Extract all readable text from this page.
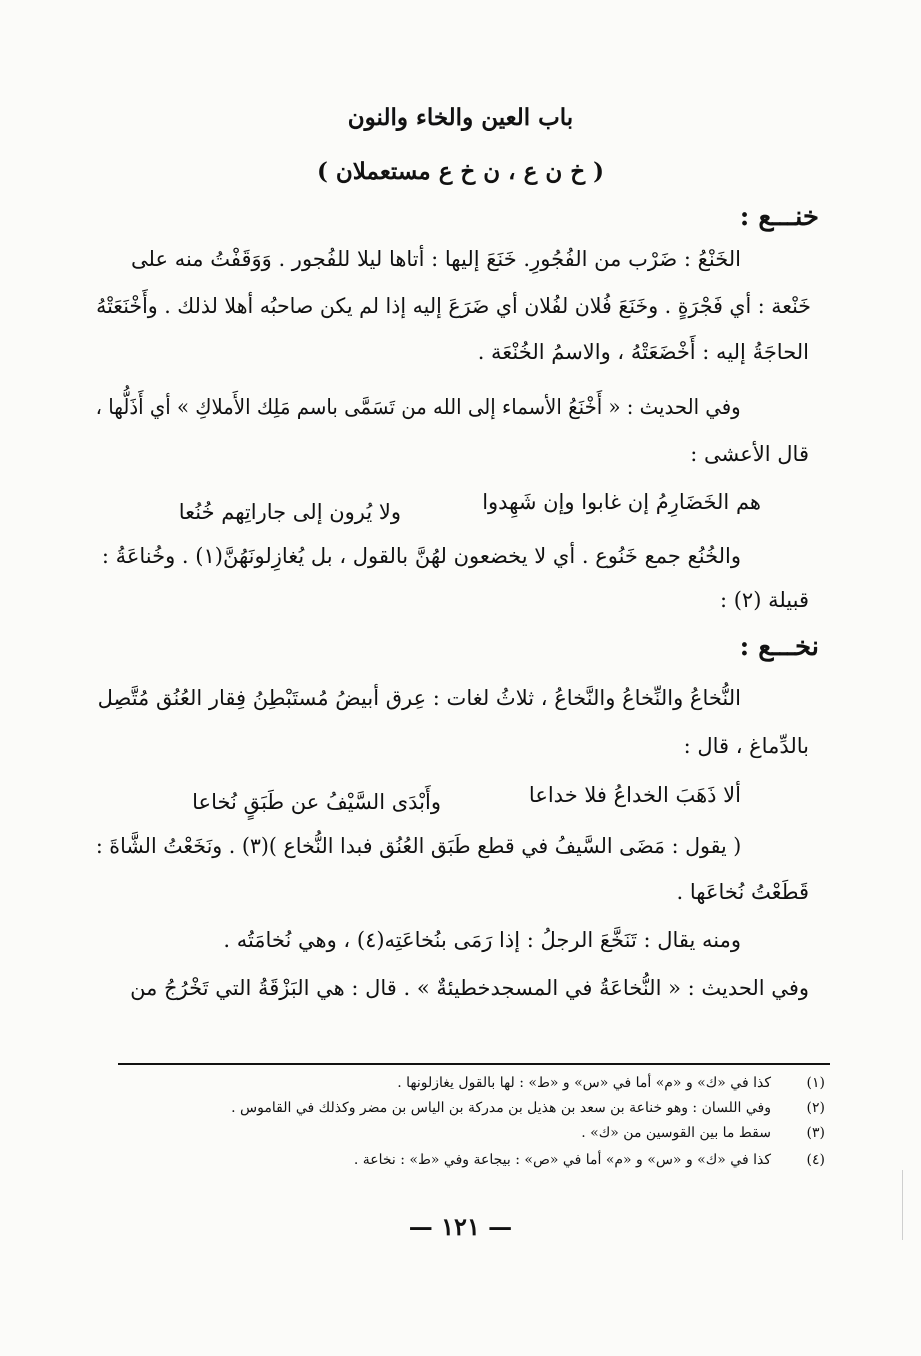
باب العين والخاء والنون
( خ ن ع ، ن خ ع مستعملان )
خنـــع :
الخَنْعُ : ضَرْب من الفُجُورِ. خَنَعَ إليها : أتاها ليلا للفُجور . وَوَقَفْتُ منه على
خَنْعة : أي فَجْرَةٍ . وخَنَعَ فُلان لفُلان أي ضَرَعَ إليه إذا لم يكن صاحبُه أهلا لذلك . وأَخْنَعَتْهُ
الحاجَةُ إليه : أَخْضَعَتْهُ ، والاسمُ الخُنْعَة .
وفي الحديث : « أَخْنَعُ الأسماء إلى الله من تَسَمَّى باسم مَلِك الأَملاكِ » أي أَذَلُّها ،
قال الأعشى :
هم الخَضَارِمُ إن غابوا وإن شَهِدوا
ولا يُرون إلى جاراتِهم خُنُعا
والخُنُع جمع خَنُوع . أي لا يخضعون لهُنَّ بالقول ، بل يُغازِلونَهُنَّ(١) . وخُناعَةُ :
قبيلة (٢) :
نخـــع :
النُّخاعُ والنِّخاعُ والنَّخاعُ ، ثلاثُ لغات : عِرق أبيضُ مُستَبْطِنُ فِقار العُنُق مُتَّصِل
بالدِّماغ ، قال :
ألا ذَهَبَ الخداعُ فلا خداعا
وأَبْدَى السَّيْفُ عن طَبَقٍ نُخاعا
( يقول : مَضَى السَّيفُ في قطع طَبَق العُنُق فبدا النُّخاع )(٣) . ونَخَعْتُ الشَّاةَ :
قَطَعْتُ نُخاعَها .
ومنه يقال : تَنَخَّعَ الرجلُ : إذا رَمَى بنُخاعَتِه(٤) ، وهي نُخامَتُه .
وفي الحديث : « النُّخاعَةُ في المسجدخطيئةٌ » . قال : هي البَزْقَةُ التي تَخْرُجُ من
(١)
كذا في «ك» و «م» أما في «س» و «ط» : لها بالقول يغازلونها .
(٢)
وفي اللسان : وهو خناعة بن سعد بن هذيل بن مدركة بن الياس بن مضر وكذلك في القاموس .
(٣)
سقط ما بين القوسين من «ك» .
(٤)
كذا في «ك» و «س» و «م» أما في «ص» : بيجاعة وفي «ط» : نخاعة .
— ١٢١ —
